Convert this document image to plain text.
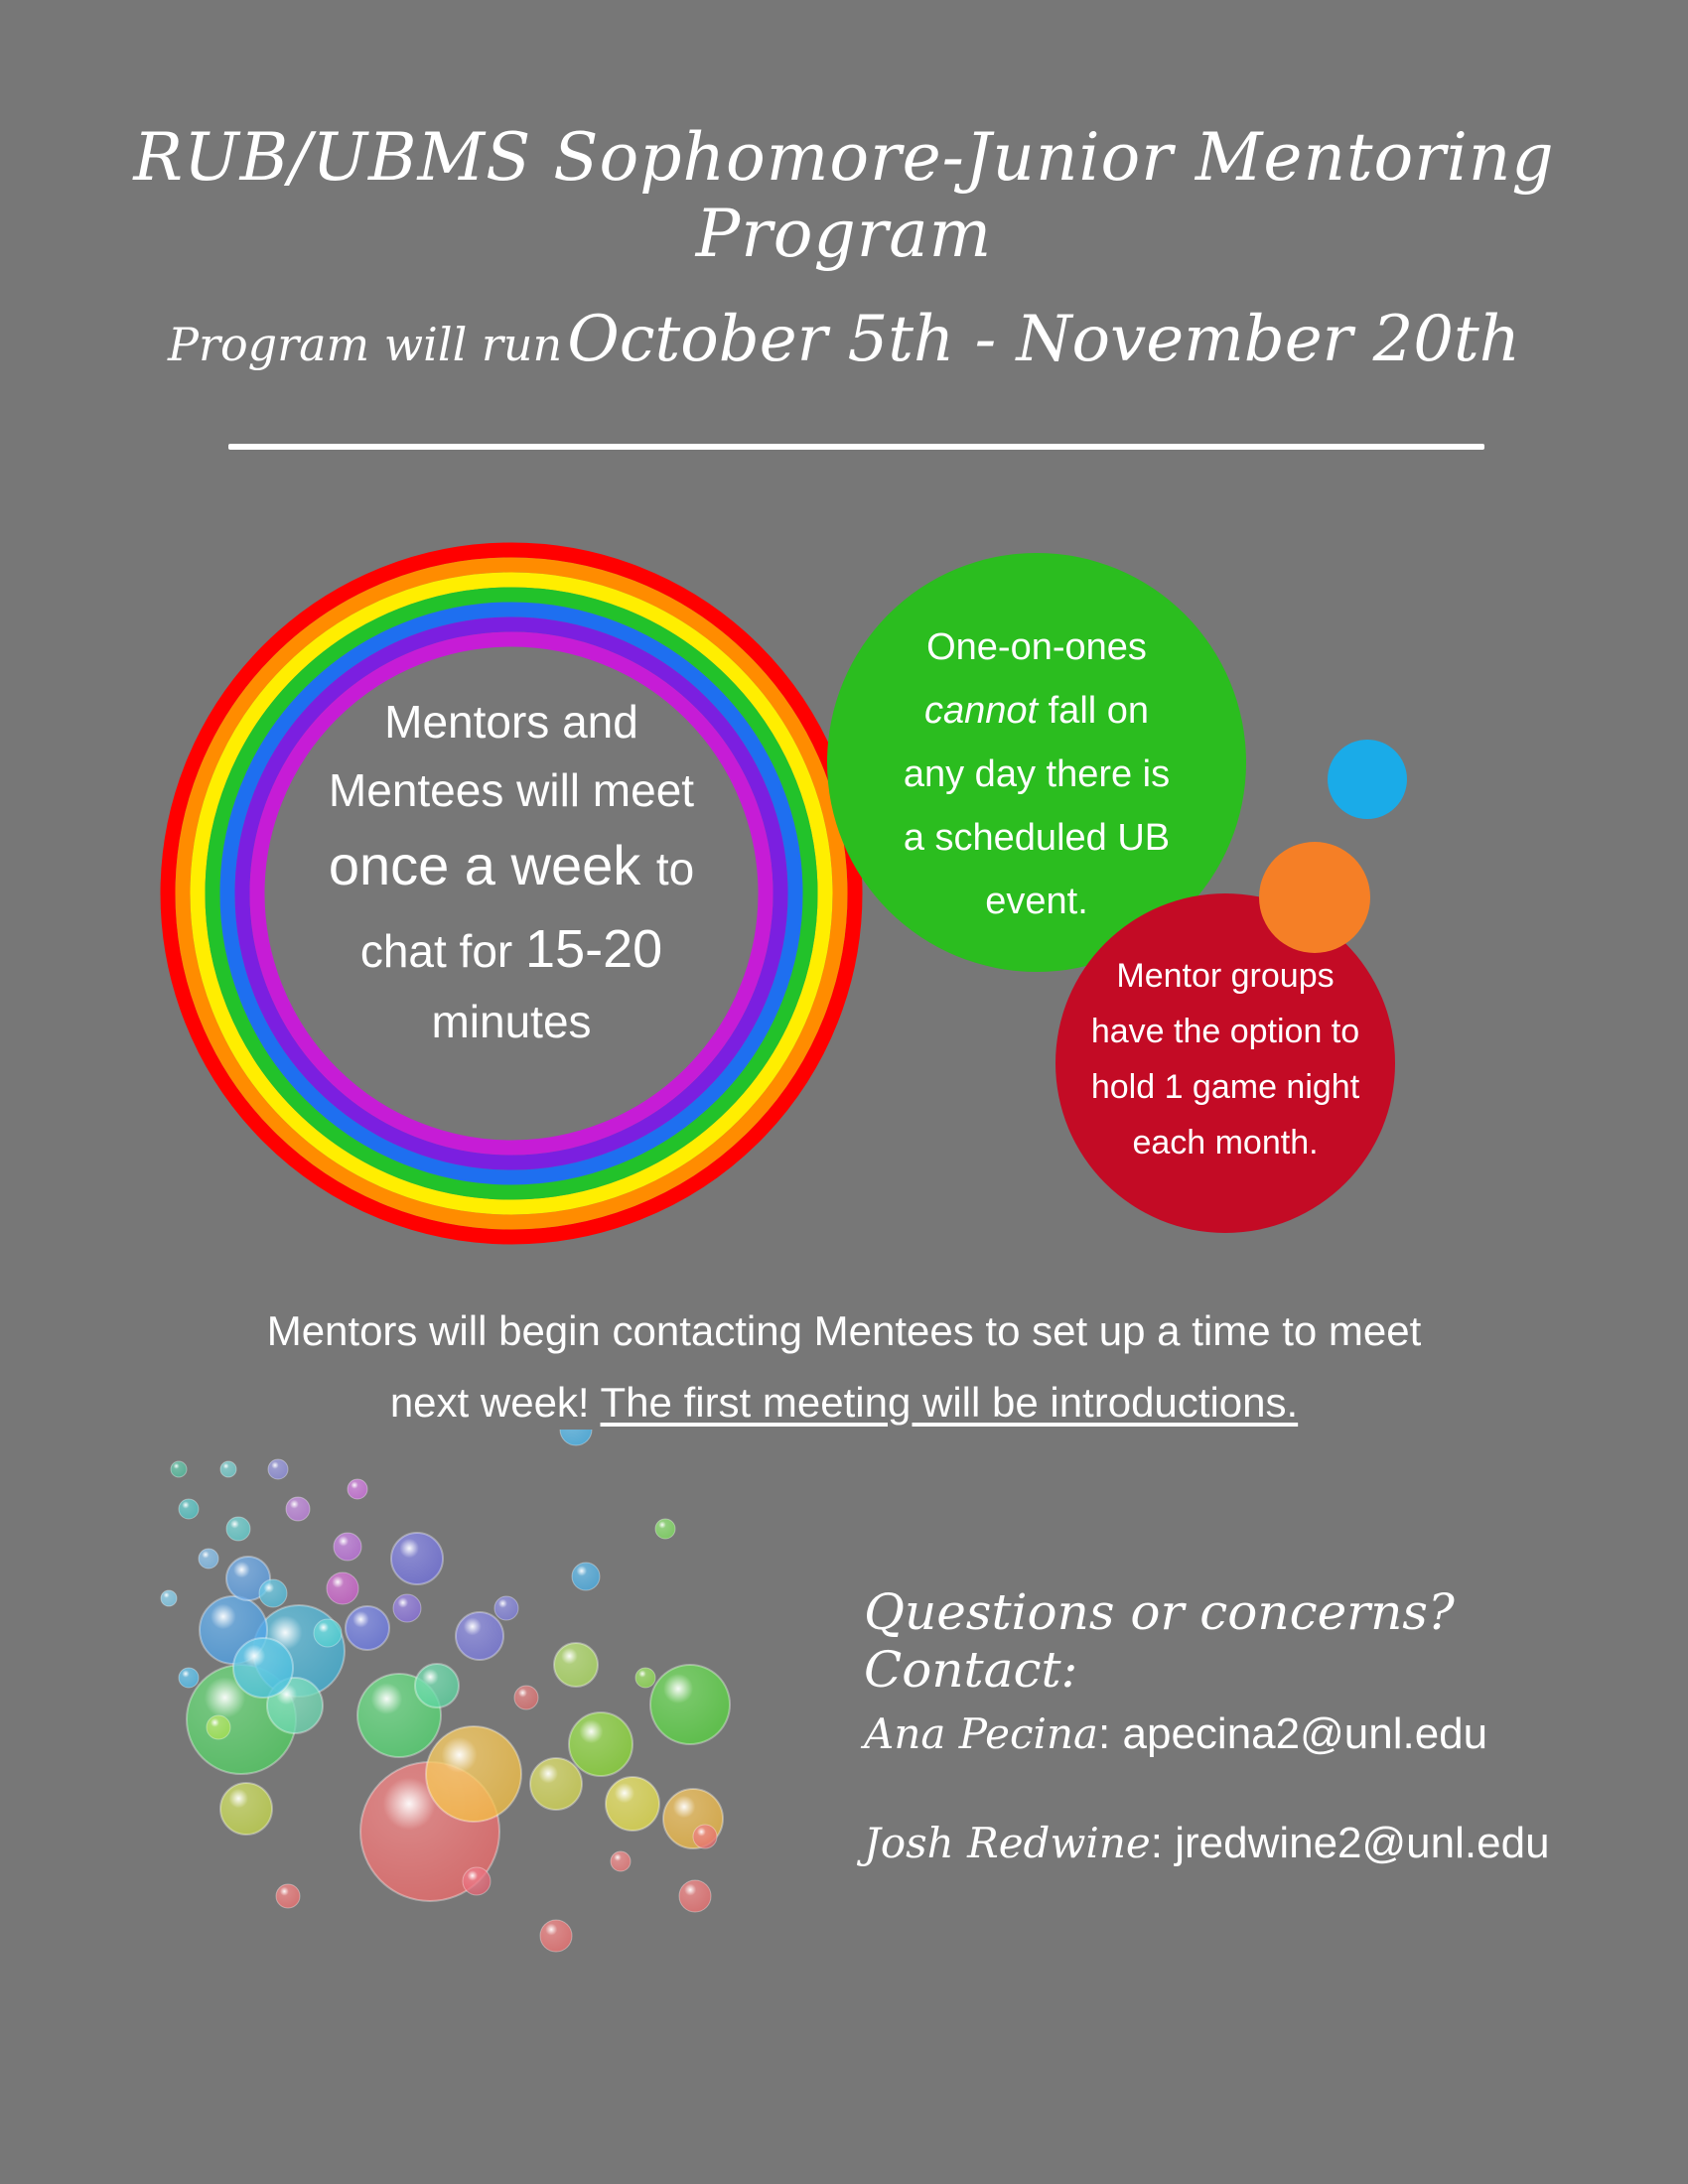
RUB/UBMS Sophomore-Junior Mentoring Program
Program will run October 5th - November 20th
Mentors and
Mentees will meet
once a week to
chat for 15-20
minutes
One-on-ones
cannot fall on
any day there is
a scheduled UB
event.
Mentor groups
have the option to
hold 1 game night
each month.
Mentors will begin contacting Mentees to set up a time to meet
next week! The first meeting will be introductions.
Questions or concerns? Contact:
Ana Pecina: apecina2@unl.edu
Josh Redwine: jredwine2@unl.edu
